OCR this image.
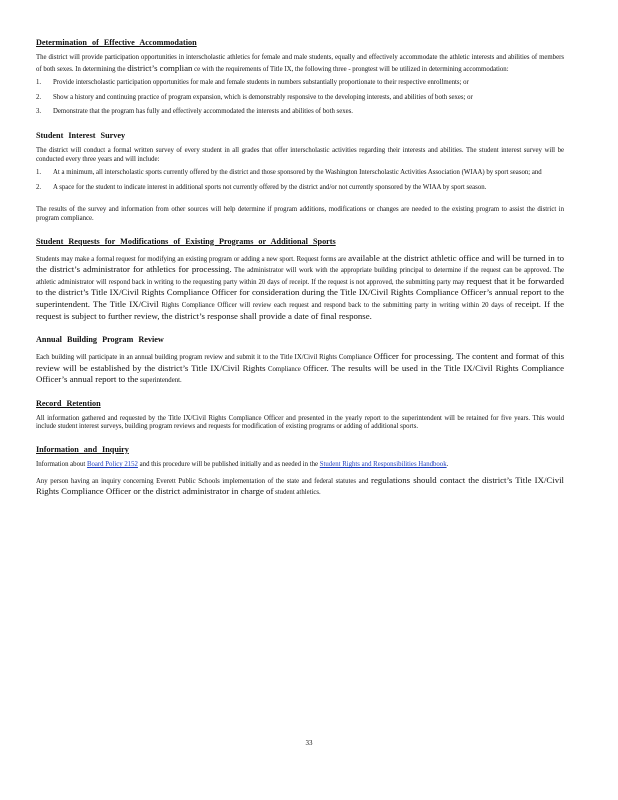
Determination of Effective Accommodation

The district will provide participation opportunities in interscholastic athletics for female and male students, equally and effectively accommodate the athletic interests and abilities of members of both sexes. In determining the district’s complian ce with the requirements of Title IX, the following three - prongtest will be utilized in determining accommodation:

1. Provide interscholastic participation opportunities for male and female students in numbers substantially proportionate to their respective enrollments; or
2. Show a history and continuing practice of program expansion, which is demonstrably responsive to the developing interests, and abilities of both sexes; or
3. Demonstrate that the program has fully and effectively accommodated the interests and abilities of both sexes.
Student Interest Survey

The district will conduct a formal written survey of every student in all grades that offer interscholastic activities regarding their interests and abilities. The student interest survey will be conducted every three years and will include:

1. At a minimum, all interscholastic sports currently offered by the district and those sponsored by the Washington Interscholastic Activities Association (WIAA) by sport season; and
2. A space for the student to indicate interest in additional sports not currently offered by the district and/or not currently sponsored by the WIAA by sport season.

The results of the survey and information from other sources will help determine if program additions, modifications or changes are needed to the existing program to assist the district in program compliance.

Student Requests for Modifications of Existing Programs or Additional Sports

Students may make a formal request for modifying an existing program or adding a new sport. Request forms are available at the district athletic office and will be turned in to the district’s administrator for athletics for processing. The administrator will work with the appropriate building principal to determine if the request can be approved. The athletic administrator will respond back in writing to the requesting party within 20 days of receipt. If the request is not approved, the submitting party may request that it be forwarded to the district’s Title IX/Civil Rights Compliance Officer for consideration during the Title IX/Civil Rights Compliance Officer’s annual report to the superintendent. The Title IX/Civil Rights Compliance Officer will review each request and respond back to the submitting party in writing within 20 days of receipt. If the request is subject to further review, the district’s response shall provide a date of final response.

Annual Building Program Review

Each building will participate in an annual building program review and submit it to the Title IX/Civil Rights Compliance Officer for processing. The content and format of this review will be established by the district’s Title IX/Civil Rights Compliance Officer. The results will be used in the Title IX/Civil Rights Compliance Officer’s annual report to the superintendent.

Record Retention

All information gathered and requested by the Title IX/Civil Rights Compliance Officer and presented in the yearly report to the superintendent will be retained for five years. This would include student interest surveys, building program reviews and requests for modification of existing programs or adding of additional sports.

Information and Inquiry

Information about Board Policy 2152 and this procedure will be published initially and as needed in the Student Rights and Responsibilities Handbook.

Any person having an inquiry concerning Everett Public Schools implementation of the state and federal statutes and regulations should contact the district’s Title IX/Civil Rights Compliance Officer or the district administrator in charge of student athletics.

33
